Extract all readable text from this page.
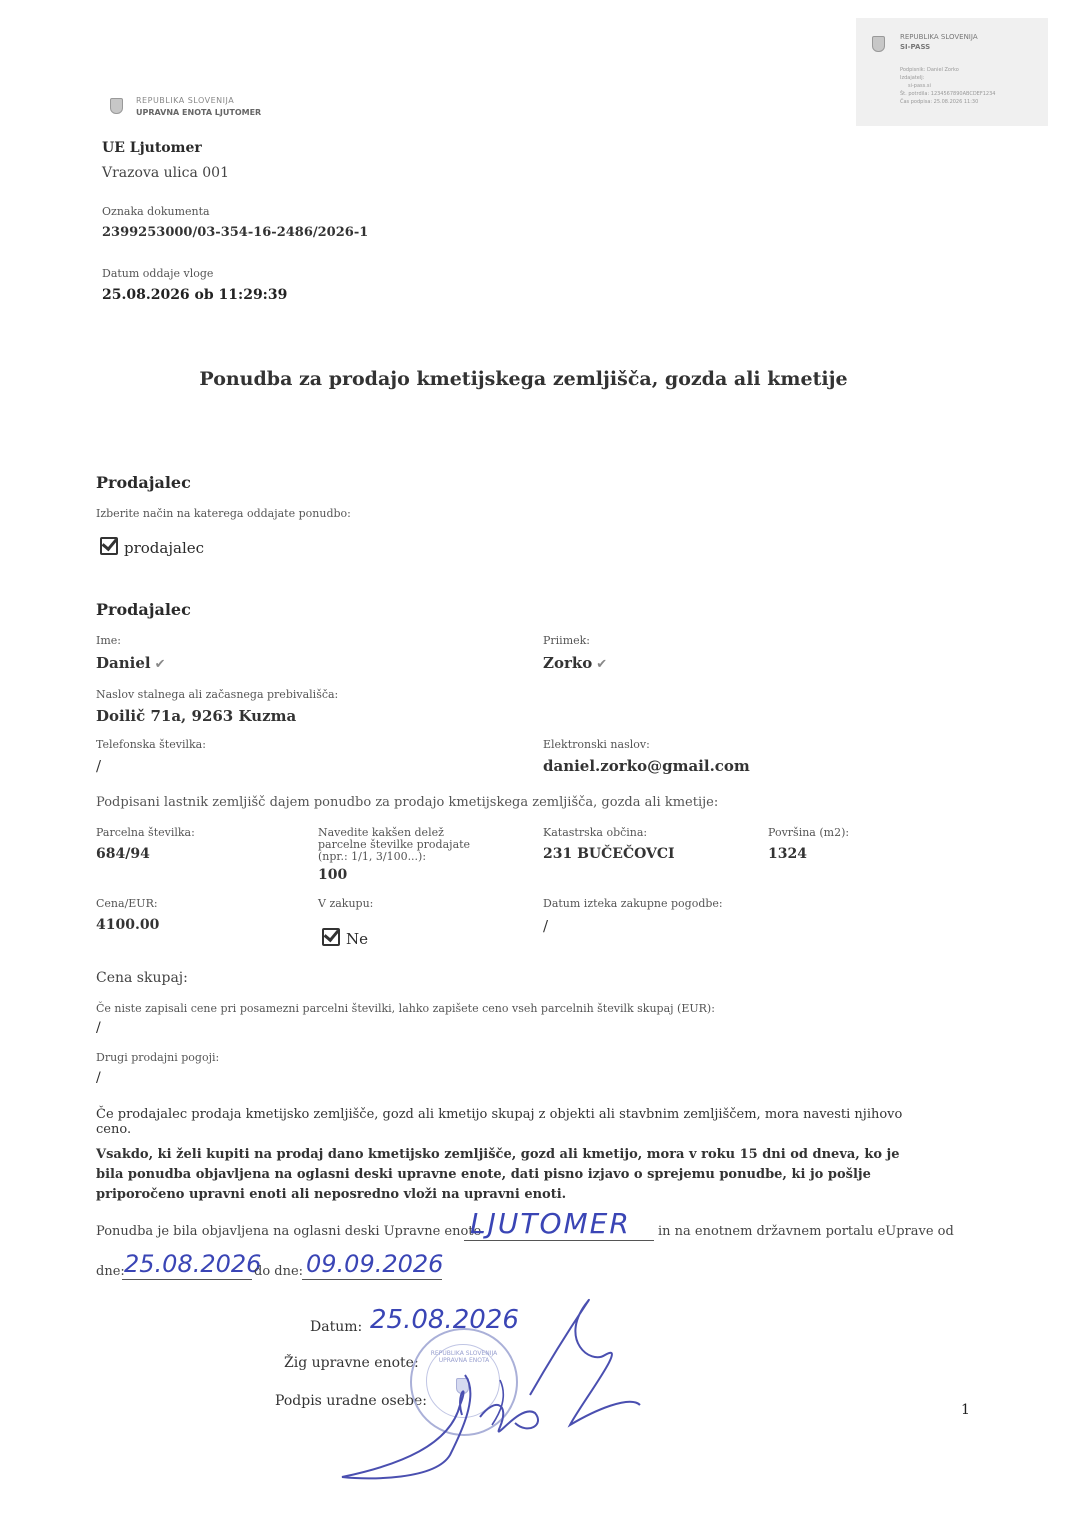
REPUBLIKA SLOVENIJA
SI-PASS
Podpisnik: Daniel Zorko
Izdajatelj:
si-pass.si
Št. potrdila: 1234567890ABCDEF1234
Čas podpisa: 25.08.2026 11:30
REPUBLIKA SLOVENIJA
UPRAVNA ENOTA LJUTOMER
UE Ljutomer
Vrazova ulica 001
Oznaka dokumenta
2399253000/03-354-16-2486/2026-1
Datum oddaje vloge
25.08.2026 ob 11:29:39
Ponudba za prodajo kmetijskega zemljišča, gozda ali kmetije
Prodajalec
Izberite način na katerega oddajate ponudbo:
prodajalec
Prodajalec
Ime:
Daniel ✔
Priimek:
Zorko ✔
Naslov stalnega ali začasnega prebivališča:
Doilič 71a, 9263 Kuzma
Telefonska številka:
/
Elektronski naslov:
daniel.zorko@gmail.com
Podpisani lastnik zemljišč dajem ponudbo za prodajo kmetijskega zemljišča, gozda ali kmetije:
Parcelna številka:
684/94
Navedite kakšen delež parcelne številke prodajate (npr.: 1/1, 3/100...):
100
Katastrska občina:
231 BUČEČOVCI
Površina (m2):
1324
Cena/EUR:
4100.00
V zakupu:
Ne
Datum izteka zakupne pogodbe:
/
Cena skupaj:
Če niste zapisali cene pri posamezni parcelni številki, lahko zapišete ceno vseh parcelnih številk skupaj (EUR):
/
Drugi prodajni pogoji:
/
Če prodajalec prodaja kmetijsko zemljišče, gozd ali kmetijo skupaj z objekti ali stavbnim zemljiščem, mora navesti njihovo ceno.
Vsakdo, ki želi kupiti na prodaj dano kmetijsko zemljišče, gozd ali kmetijo, mora v roku 15 dni od dneva, ko je bila ponudba objavljena na oglasni deski upravne enote, dati pisno izjavo o sprejemu ponudbe, ki jo pošlje priporočeno upravni enoti ali neposredno vloži na upravni enoti.
Ponudba je bila objavljena na oglasni deski Upravne enote
LJUTOMER in na enotnem državnem portalu eUprave od
dne: 25.08.2026
do dne: 09.09.2026
Datum: 25.08.2026
Žig upravne enote:
Podpis uradne osebe:
REPUBLIKA SLOVENIJA UPRAVNA ENOTA
1
